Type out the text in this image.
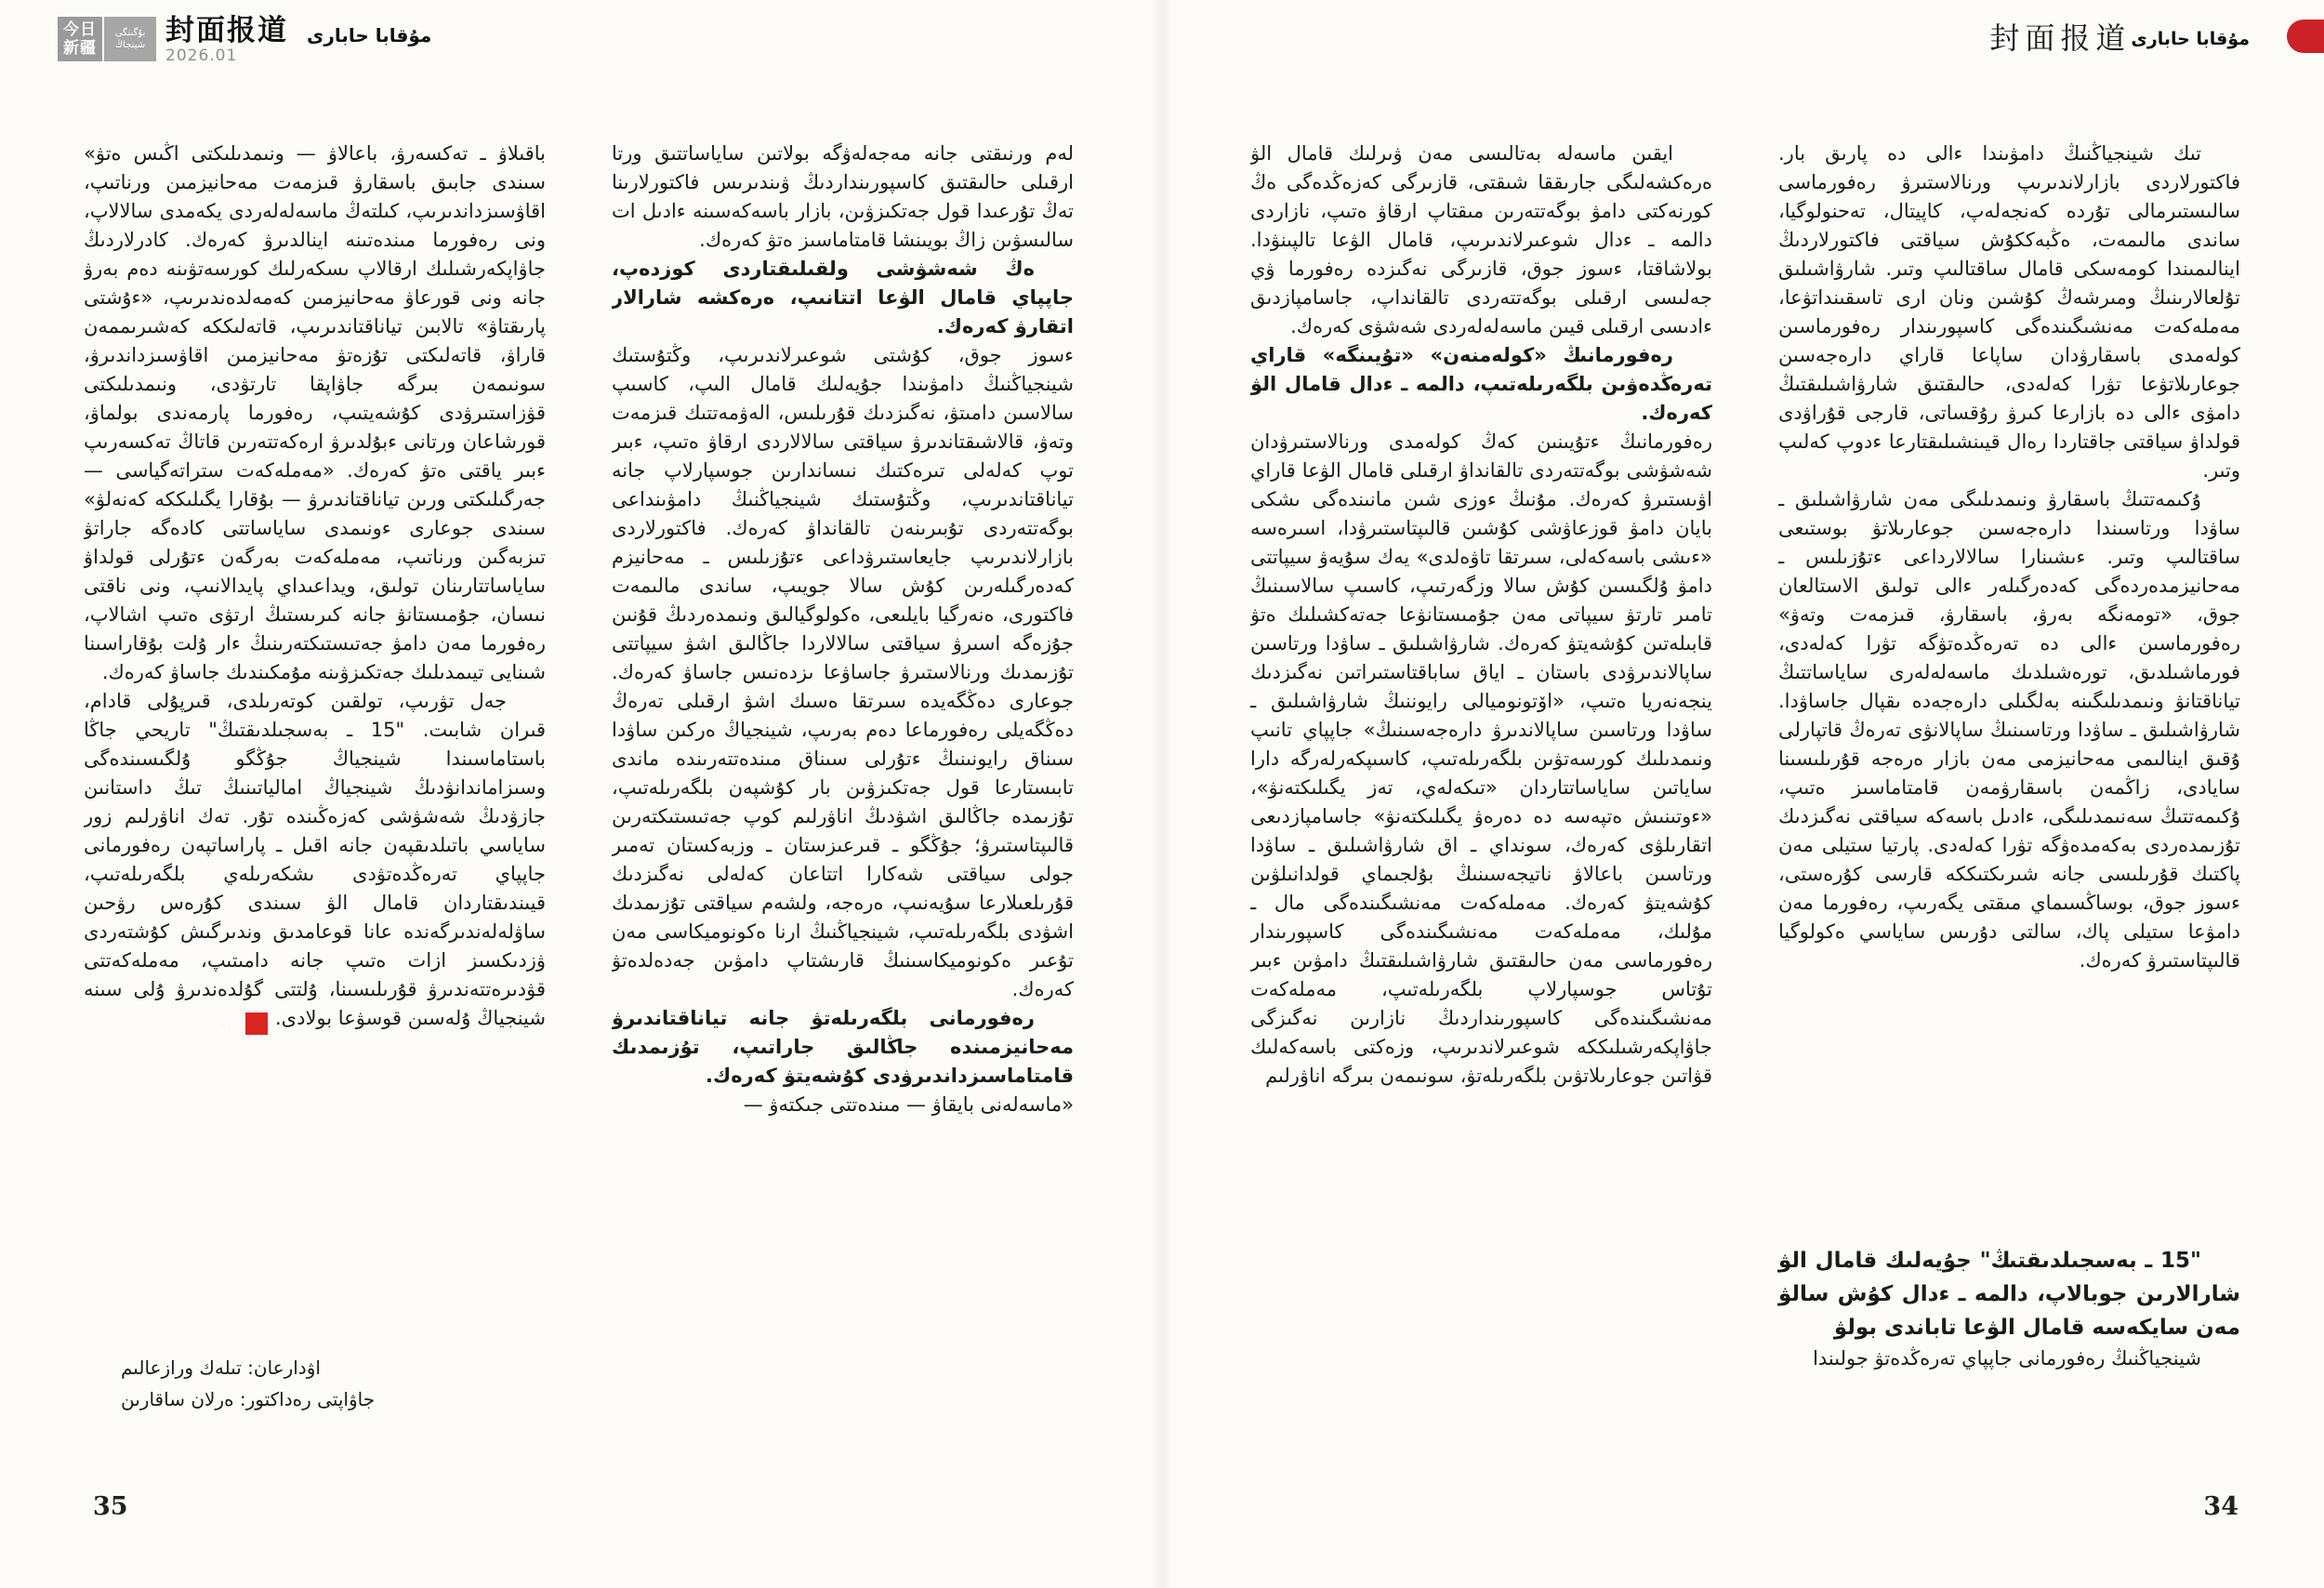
今日
新疆
بۇگىنگى
شينجاڭ 封面报道
2026.01
مۇقابا حابارى	封面报道 مۇقابا حابارى

تىك شينجياڭنىڭ دامۋىندا ءالى دە پارىق بار. فاكتورلاردى بازارلاندىرىپ ورنالاستىرۋ رەفورماسى سالىستىرمالى تۇردە كەنجەلەپ، كاپيتال، تەحنولوگيا، ساندى مالىمەت، ەڭبەككۇش سياقتى فاكتورلاردىڭ اينالىمىندا كومەسكى قامال ساقتالىپ وتىر. شارۋاشىلىق تۇلعالارىنىڭ ومىرشەڭ كۇشىن ونان ارى تاسقىنداتۋعا، مەملەكەت مەنشىگىندەگى كاسپورىندار رەفورماسىن كولەمدى باسقارۋدان ساپاعا قاراي دارەجەسىن جوعارىلاتۋعا تۋرا كەلەدى، حالىقتىق شارۋاشىلىقتىڭ دامۋى ءالى دە بازارعا كىرۋ رۇقساتى، قارجى قۇراۋدى قولداۋ سياقتى جاقتاردا رەال قيىنشىلىقتارعا ءدوپ كەلىپ وتىر.

ۇكىمەتتىڭ باسقارۋ ونىمدىلىگى مەن شارۋاشىلىق ـ ساۋدا ورتاسىندا دارەجەسىن جوعارىلاتۋ بوستىعى ساقتالىپ وتىر. ءىشىنارا سالالارداعى ءتۇزىلىس ـ مەحانيزمدەردەگى كەدەرگىلەر ءالى تولىق الاستالعان جوق، «تومەنگە بەرۋ، باسقارۋ، قىزمەت وتەۋ» رەفورماسىن ءالى دە تەرەڭدەتۋگە تۋرا كەلەدى، فورماشىلدىق، تورەشىلدىك ماسەلەلەرى ساياساتتىڭ تياناقتانۋ ونىمدىلىگىنە بەلگىلى دارەجەدە ىقپال جاساۋدا. شارۋاشىلىق ـ ساۋدا ورتاسىنىڭ ساپالانۋى تەرەڭ قاتپارلى ۇقىق اينالىمى مەحانيزمى مەن بازار ەرەجە قۇرىلىسىنا سايادى، زاڭمەن باسقارۋمەن قامتاماسىز ەتىپ، ۇكىمەتتىڭ سەنىمدىلىگى، ءادىل باسەكە سياقتى نەگىزدىك تۇزىمدەردى بەكەمدەۋگە تۋرا كەلەدى. پارتيا ستيلى مەن پاكتىك قۇرىلىسى جانە شىرىكتىككە قارسى كۇرەستى، ءسوز جوق، بوساڭسىماي مىقتى يگەرىپ، رەفورما مەن دامۋعا ستيلى پاك، سالتى دۇرىس ساياسي ەكولوگيا قالىپتاستىرۋ كەرەك.

"15 ـ بەسجىلدىقتىڭ" جۇيەلىك قامال الۋ شارالارىن جوبالاپ، دالمە ـ ءدال كۇش سالۋ مەن سايكەسە قامال الۋعا تاباندى بولۋ

شينجياڭنىڭ رەفورمانى جاپپاي تەرەڭدەتۋ جولىندا

ايقىن ماسەلە بەتالىسى مەن ۋىرلىك قامال الۋ ەرەكشەلىگى جارىققا شىقتى، قازىرگى كەزەڭدەگى ەڭ كورنەكتى دامۋ بوگەتتەرىن مىقتاپ ارقاۋ ەتىپ، نازاردى دالمە ـ ءدال شوعىرلاندىرىپ، قامال الۋعا تالپىنۋدا. بولاشاقتا، ءسوز جوق، قازىرگى نەگىزدە رەفورما ۋي جەلىسى ارقىلى بوگەتتەردى تالقانداپ، جاسامپازدىق ءادىسى ارقىلى قيىن ماسەلەلەردى شەشۋى كەرەك.

رەفورمانىڭ «كولەمنەن» «تۇيىنگە» قاراي تەرەڭدەۋىن بلگەرىلەتىپ، دالمە ـ ءدال قامال الۋ كەرەك.

رەفورمانىڭ ءتۇيىنىن كەڭ كولەمدى ورنالاستىرۋدان شەشۋشى بوگەتتەردى تالقانداۋ ارقىلى قامال الۋعا قاراي اۋىستىرۋ كەرەك. مۇنىڭ ءوزى شىن مانىندەگى ىشكى بايان دامۋ قوزعاۋشى كۇشىن قالىپتاستىرۋدا، اسىرەسە «ءىشى باسەكەلى، سىرتقا تاۋەلدى» يەك سۇيەۋ سيپاتتى دامۋ ۇلگىسىن كۇش سالا وزگەرتىپ، كاسىپ سالاسىنىڭ تامىر تارتۋ سيپاتى مەن جۇمىستانۋعا جەتەكشىلىك ەتۋ قابىلەتىن كۇشەيتۋ كەرەك. شارۋاشىلىق ـ ساۋدا ورتاسىن ساپالاندىرۋدى باستان ـ اياق ساباقتاستىراتىن نەگىزدىك ينجەنەريا ەتىپ، «اۆتونوميالى رايوننىڭ شارۋاشىلىق ـ ساۋدا ورتاسىن ساپالاندىرۋ دارەجەسىنىڭ» جاپپاي تانىپ ونىمدىلىك كورسەتۋىن بلگەرىلەتىپ، كاسىپكەرلەرگە دارا ساياتىن ساياساتتاردان «تىكەلەي، تەز يگىلىكتەنۋ»، «ءوتىنىش ەتپەسە دە دەرەۋ يگىلىكتەنۋ» جاسامپازدىعى اتقارىلۋى كەرەك، سونداي ـ اق شارۋاشىلىق ـ ساۋدا ورتاسىن باعالاۋ ناتيجەسىنىڭ بۇلجىماي قولدانىلۋىن كۇشەيتۋ كەرەك. مەملەكەت مەنشىگىندەگى مال ـ مۇلىك، مەملەكەت مەنشىگىندەگى كاسپورىندار رەفورماسى مەن حالىقتىق شارۋاشىلىقتىڭ دامۋىن ءبىر تۇتاس جوسپارلاپ بلگەرىلەتىپ، مەملەكەت مەنشىگىندەگى كاسپورىنداردىڭ نازارىن نەگىزگى جاۋاپكەرشىلىككە شوعىرلاندىرىپ، وزەكتى باسەكەلىك قۋاتىن جوعارىلاتۋىن بلگەرىلەتۋ، سونىمەن بىرگە اناۋرلىم

لەم ورنىقتى جانە مەجەلەۋگە بولاتىن ساياساتتىق ورتا ارقىلى حالىقتىق كاسپورىنداردىڭ ۋىندىرىس فاكتورلارىنا تەڭ تۇرعىدا قول جەتكىزۋىن، بازار باسەكەسىنە ءادىل ات سالىسۋىن زاڭ بويىنشا قامتاماسىز ەتۋ كەرەك.

ەڭ شەشۋشى ولقىلىقتاردى كوزدەپ، جاپپاي قامال الۋعا اتتانىپ، ەرەكشە شارالار اتقارۋ كەرەك.

ءسوز جوق، كۇشتى شوعىرلاندىرىپ، وڭتۇستىك شينجياڭنىڭ دامۋىندا جۇيەلىك قامال الىپ، كاسىپ سالاسىن دامىتۋ، نەگىزدىك قۇرىلىس، الەۋمەتتىك قىزمەت وتەۋ، قالاشىقتاندىرۋ سياقتى سالالاردى ارقاۋ ەتىپ، ءبىر توپ كەلەلى تىرەكتىك نىساندارىن جوسپارلاپ جانە تياناقتاندىرىپ، وڭتۇستىك شينجياڭنىڭ دامۋىنداعى بوگەتتەردى تۇبىرىنەن تالقانداۋ كەرەك. فاكتورلاردى بازارلاندىرىپ جايعاستىرۋداعى ءتۇزىلىس ـ مەحانيزم كەدەرگىلەرىن كۇش سالا جويىپ، ساندى مالىمەت فاكتورى، ەنەرگيا بايلىعى، ەكولوگيالىق ونىمدەردىڭ قۇنىن جۇزەگە اسىرۋ سياقتى سالالاردا جاڭالىق اشۋ سيپاتتى تۇزىمدىك ورنالاستىرۋ جاساۋعا ىزدەنىس جاساۋ كەرەك. جوعارى دەڭگەيدە سىرتقا ەسىك اشۋ ارقىلى تەرەڭ دەڭگەيلى رەفورماعا دەم بەرىپ، شينجياڭ ەركىن ساۋدا سىناق رايونىنىڭ ءتۇرلى سىناق مىندەتتەرىندە ماندى تابىستارعا قول جەتكىزۋىن بار كۇشپەن بلگەرىلەتىپ، تۇزىمدە جاڭالىق اشۋدىڭ اناۋرلىم كوپ جەتىستىكتەرىن قالىپتاستىرۋ؛ جۇڭگو ـ قىرعىزستان ـ وزبەكستان تەمىر جولى سياقتى شەكارا اتتاعان كەلەلى نەگىزدىك قۇرىلعىلارعا سۇيەنىپ، ەرەجە، ولشەم سياقتى تۇزىمدىك اشۋدى بلگەرىلەتىپ، شينجياڭنىڭ ارنا ەكونوميكاسى مەن تۇعىر ەكونوميكاسىنىڭ قارىشتاپ دامۋىن جەدەلدەتۋ كەرەك.

رەفورمانى بلگەرىلەتۋ جانە تياناقتاندىرۋ مەحانيزمىندە جاڭالىق جاراتىپ، تۇزىمدىك قامتاماسىزداندىرۋدى كۇشەيتۋ كەرەك.

«ماسەلەنى بايقاۋ — مىندەتتى جىكتەۋ —

باقىلاۋ ـ تەكسەرۋ، باعالاۋ — ونىمدىلىكتى اڭىس ەتۋ» سىندى جابىق باسقارۋ قىزمەت مەحانيزمىن ورناتىپ، اقاۋسىزداندىرىپ، كىلتەڭ ماسەلەلەردى يكەمدى سالالاپ، ونى رەفورما مىندەتىنە اينالدىرۋ كەرەك. كادرلاردىڭ جاۋاپكەرشىلىك ارقالاپ ىسكەرلىك كورسەتۋىنە دەم بەرۋ جانە ونى قورعاۋ مەحانيزمىن كەمەلدەندىرىپ، «ءۇشتى پارىقتاۋ» تالابىن تياناقتاندىرىپ، قاتەلىككە كەشىرىممەن قاراۋ، قاتەلىكتى تۇزەتۋ مەحانيزمىن اقاۋسىزداندىرۋ، سونىمەن بىرگە جاۋاپقا تارتۋدى، ونىمدىلىكتى قۋزاستىرۋدى كۇشەيتىپ، رەفورما پارمەندى بولماۋ، قورشاعان ورتانى ءبۇلدىرۋ ارەكەتتەرىن قاتاڭ تەكسەرىپ ءبىر ياقتى ەتۋ كەرەك. «مەملەكەت ستراتەگياسى — جەرگىلىكتى ورىن تياناقتاندىرۋ — بۇقارا يگىلىككە كەنەلۋ» سىندى جوعارى ءونىمدى ساياساتتى كادەگە جاراتۋ تىزبەگىن ورناتىپ، مەملەكەت بەرگەن ءتۇرلى قولداۋ ساياساتتارىنان تولىق، ويداعىداي پايدالانىپ، ونى ناقتى نىسان، جۇمىستانۋ جانە كىرىستىڭ ارتۋى ەتىپ اشالاپ، رەفورما مەن دامۋ جەتىستىكتەرىنىڭ ءار ۇلت بۇقاراسىنا شىنايى تيىمدىلىك جەتكىزۋىنە مۇمكىندىك جاساۋ كەرەك.

جەل تۋرىپ، تولقىن كوتەرىلدى، قىرپۇلى قادام، قىران شابىت. "15 ـ بەسجىلدىقتىڭ" تاريحي جاڭا باستاماسىندا شينجياڭ جۇڭگو ۇلگىسىندەگى وسىزاماندانۋدىڭ شينجياڭ امالياتىنىڭ تىڭ داستانىن جازۋدىڭ شەشۋشى كەزەڭىندە تۇر. تەك اناۋرلىم زور ساياسي باتىلدىقپەن جانە اقىل ـ پاراساتپەن رەفورمانى جاپپاي تەرەڭدەتۋدى ىشكەرىلەي بلگەرىلەتىپ، قيىندىقتاردان قامال الۋ سىندى كۇرەس رۋحىن ساۋلەلەندىرگەندە عانا قوعامدىق وندىرگىش كۇشتەردى ۋزدىكسىز ازات ەتىپ جانە دامىتىپ، مەملەكەتتى قۋدىرەتتەندىرۋ قۇرىلىسىنا، ۇلتتى گۇلدەندىرۋ ۇلى سىنە شينجياڭ ۇلەسىن قوسۋعا بولادى.ر

اۋدارعان: تىلەك ورازعالىم
جاۋاپتى رەداكتور: ەرلان ساقارىن
35	34
